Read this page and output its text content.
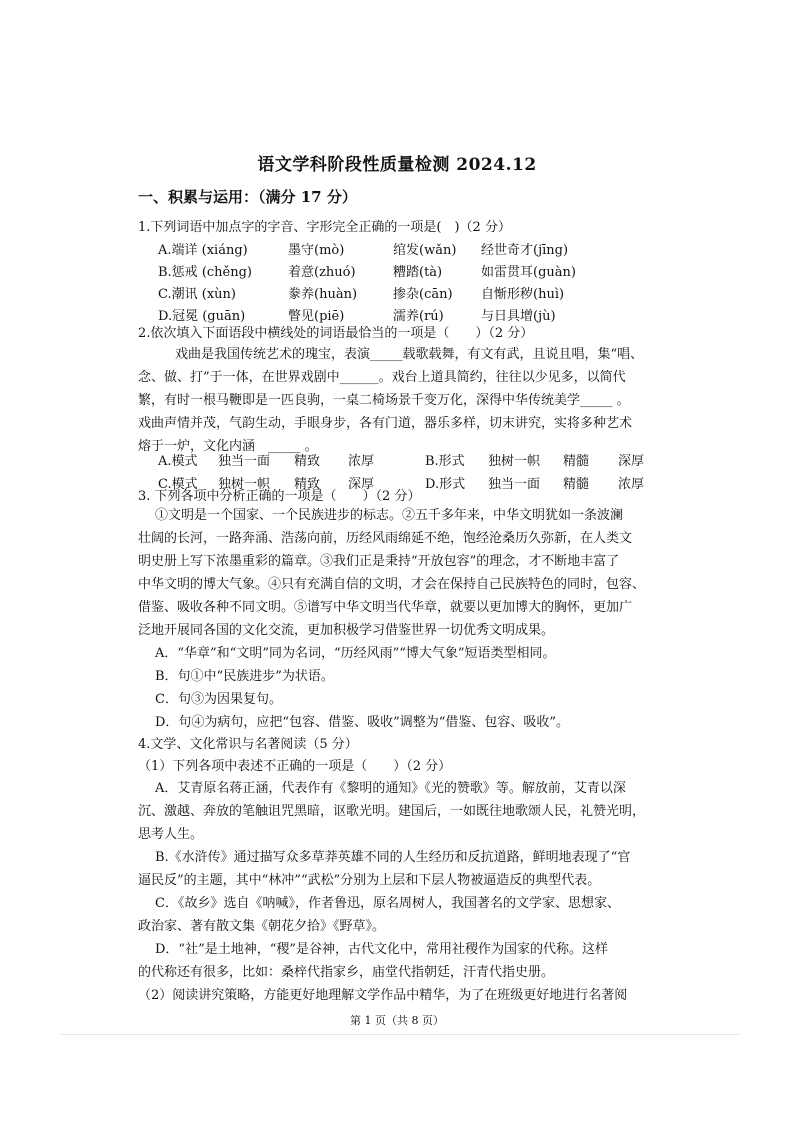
语文学科阶段性质量检测 2024.12
一、积累与运用：（满分 17 分）
1.下列词语中加点字的字音、字形完全正确的一项是(　)（2 分）
A.端详 (xiáng)	墨守(mò)	绾发(wǎn) 经世奇才(jīng)
B.惩戒 (chěng)	着意(zhuó)	糟踏(tà)	如雷贯耳(guàn)
C.潮讯 (xùn)	豢养(huàn)	掺杂(cān) 自惭形秽(huì)
D.冠冕 (guān)	瞥见(piē)	濡养(rú)	与日具增(jù)
2.依次填入下面语段中横线处的词语最恰当的一项是（　　）（2 分）
戏曲是我国传统艺术的瑰宝，表演_____载歌载舞，有文有武，且说且唱，集“唱、
念、做、打”于一体，在世界戏剧中______。戏台上道具简约，往往以少见多，以简代
繁，有时一根马鞭即是一匹良驹，一桌二椅场景千变万化，深得中华传统美学_____ 。
戏曲声情并茂，气韵生动，手眼身步，各有门道，器乐多样，切末讲究，实将多种艺术
熔于一炉，文化内涵　_____ 。
A.模式 独当一面 精致 浓厚	B.形式 独树一帜 精髓 深厚
C.模式 独树一帜 精致 深厚	D.形式 独当一面 精髓 浓厚
3. 下列各项中分析正确的一项是（　　）（2 分）
①文明是一个国家、一个民族进步的标志。②五千多年来，中华文明犹如一条波澜
壮阔的长河，一路奔涌、浩荡向前，历经风雨绵延不绝，饱经沧桑历久弥新，在人类文
明史册上写下浓墨重彩的篇章。③我们正是秉持“开放包容”的理念，才不断地丰富了
中华文明的博大气象。④只有充满自信的文明，才会在保持自己民族特色的同时，包容、
借鉴、吸收各种不同文明。⑤谱写中华文明当代华章，就要以更加博大的胸怀，更加广
泛地开展同各国的文化交流，更加积极学习借鉴世界一切优秀文明成果。
A．“华章”和“文明”同为名词，“历经风雨”“博大气象”短语类型相同。
B．句①中“民族进步”为状语。
C．句③为因果复句。
D．句④为病句，应把“包容、借鉴、吸收”调整为“借鉴、包容、吸收”。
4.文学、文化常识与名著阅读（5 分）
（1）下列各项中表述不正确的一项是（　　）（2 分）
A．艾青原名蒋正涵，代表作有《黎明的通知》《光的赞歌》等。解放前，艾青以深
沉、激越、奔放的笔触诅咒黑暗，讴歌光明。建国后，一如既往地歌颂人民，礼赞光明，
思考人生。
B.《水浒传》通过描写众多草莽英雄不同的人生经历和反抗道路，鲜明地表现了“官
逼民反”的主题，其中“林冲”“武松”分别为上层和下层人物被逼造反的典型代表。
C．《故乡》选自《呐喊》，作者鲁迅，原名周树人，我国著名的文学家、思想家、
政治家、著有散文集《朝花夕拾》《野草》。
D．“社”是土地神，“稷”是谷神，古代文化中，常用社稷作为国家的代称。这样
的代称还有很多，比如：桑梓代指家乡，庙堂代指朝廷，汗青代指史册。
（2）阅读讲究策略，方能更好地理解文学作品中精华，为了在班级更好地进行名著阅
第 1 页（共 8 页）
